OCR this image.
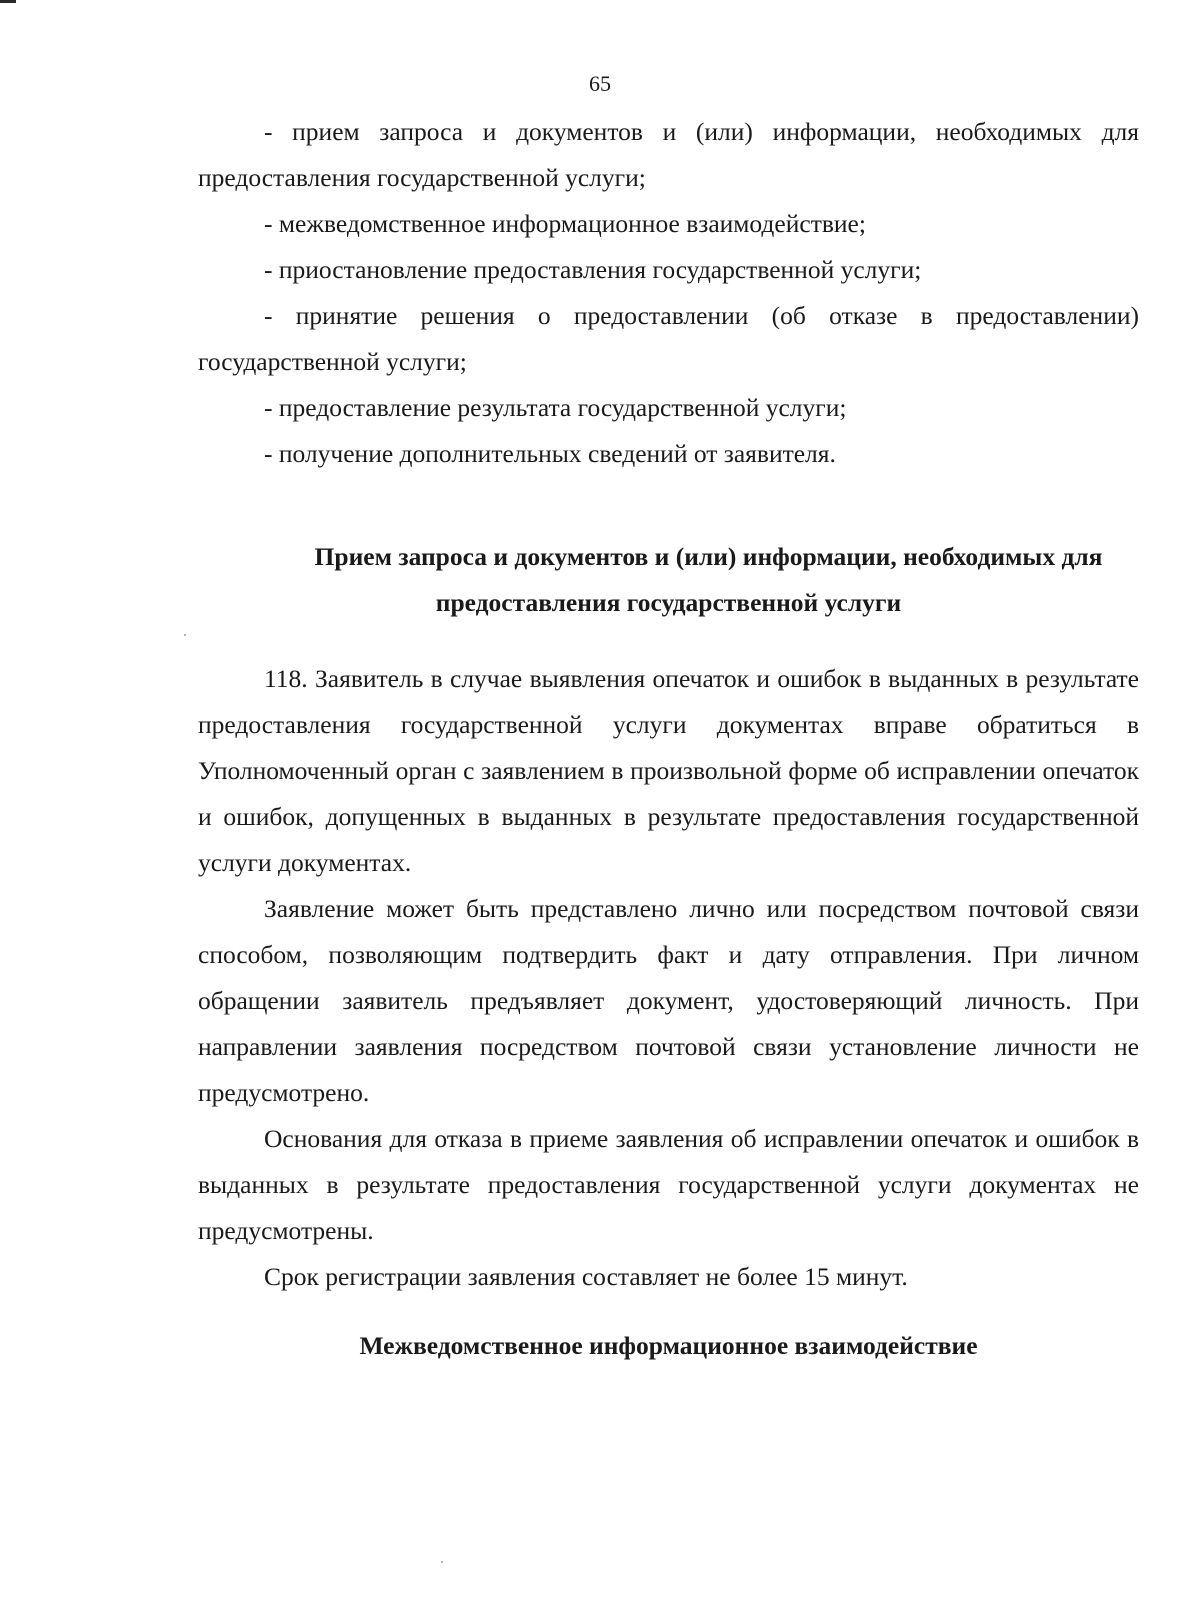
65

- прием запроса и документов и (или) информации, необходимых для предоставления государственной услуги;

- межведомственное информационное взаимодействие;

- приостановление предоставления государственной услуги;

- принятие решения о предоставлении (об отказе в предоставлении) государственной услуги;

- предоставление результата государственной услуги;

- получение дополнительных сведений от заявителя.

Прием запроса и документов и (или) информации, необходимых для
предоставления государственной услуги

118. Заявитель в случае выявления опечаток и ошибок в выданных в результате предоставления государственной услуги документах вправе обратиться в Уполномоченный орган с заявлением в произвольной форме об исправлении опечаток и ошибок, допущенных в выданных в результате предоставления государственной услуги документах.

Заявление может быть представлено лично или посредством почтовой связи способом, позволяющим подтвердить факт и дату отправления. При личном обращении заявитель предъявляет документ, удостоверяющий личность. При направлении заявления посредством почтовой связи установление личности не предусмотрено.

Основания для отказа в приеме заявления об исправлении опечаток и ошибок в выданных в результате предоставления государственной услуги документах не предусмотрены.

Срок регистрации заявления составляет не более 15 минут.

Межведомственное информационное взаимодействие
